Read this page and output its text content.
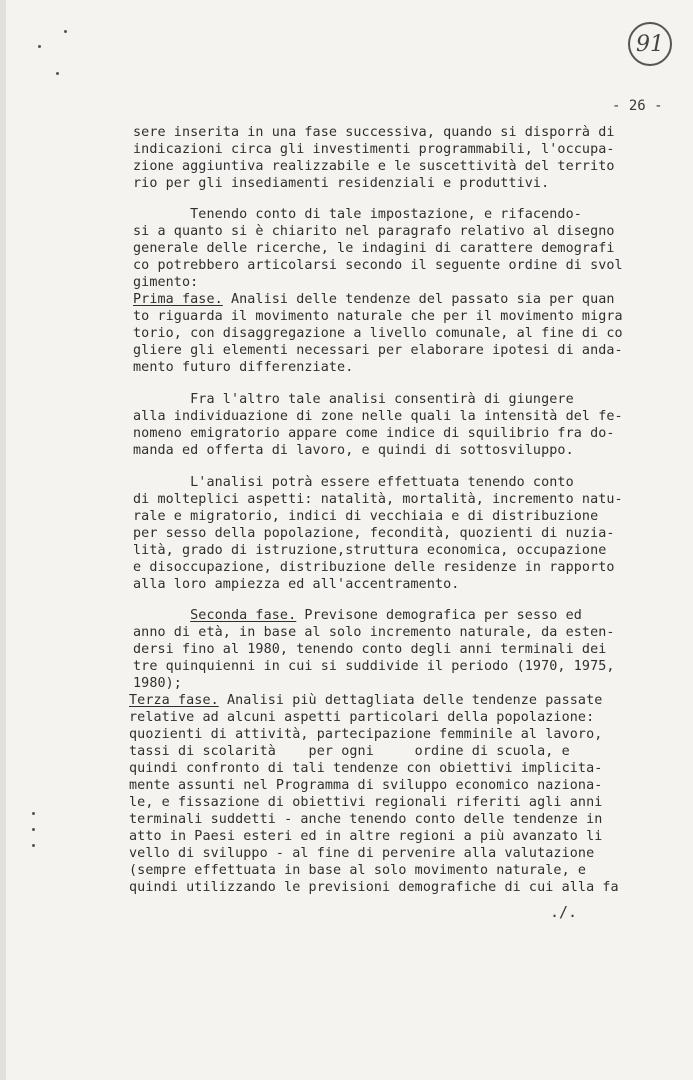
91
- 26 -
sere inserita in una fase successiva, quando si disporrà di
indicazioni circa gli investimenti programmabili, l'occupa-
zione aggiuntiva realizzabile e le suscettività del territo
rio per gli insediamenti residenziali e produttivi.
Tenendo conto di tale impostazione, e rifacendo-
si a quanto si è chiarito nel paragrafo relativo al disegno
generale delle ricerche, le indagini di carattere demografi
co potrebbero articolarsi secondo il seguente ordine di svol
gimento:
Prima fase. Analisi delle tendenze del passato sia per quan
to riguarda il movimento naturale che per il movimento migra
torio, con disaggregazione a livello comunale, al fine di co
gliere gli elementi necessari per elaborare ipotesi di anda-
mento futuro differenziate.
Fra l'altro tale analisi consentirà di giungere
alla individuazione di zone nelle quali la intensità del fe-
nomeno emigratorio appare come indice di squilibrio fra do-
manda ed offerta di lavoro, e quindi di sottosviluppo.
L'analisi potrà essere effettuata tenendo conto
di molteplici aspetti: natalità, mortalità, incremento natu-
rale e migratorio, indici di vecchiaia e di distribuzione
per sesso della popolazione, fecondità, quozienti di nuzia-
lità, grado di istruzione,struttura economica, occupazione
e disoccupazione, distribuzione delle residenze in rapporto
alla loro ampiezza ed all'accentramento.
Seconda fase. Previsone demografica per sesso ed
anno di età, in base al solo incremento naturale, da esten-
dersi fino al 1980, tenendo conto degli anni terminali dei
tre quinquienni in cui si suddivide il periodo (1970, 1975,
1980);
Terza fase. Analisi più dettagliata delle tendenze passate
relative ad alcuni aspetti particolari della popolazione:
quozienti di attività, partecipazione femminile al lavoro,
tassi di scolarità    per ogni     ordine di scuola, e
quindi confronto di tali tendenze con obiettivi implicita-
mente assunti nel Programma di sviluppo economico naziona-
le, e fissazione di obiettivi regionali riferiti agli anni
terminali suddetti - anche tenendo conto delle tendenze in
atto in Paesi esteri ed in altre regioni a più avanzato li
vello di sviluppo - al fine di pervenire alla valutazione
(sempre effettuata in base al solo movimento naturale, e
quindi utilizzando le previsioni demografiche di cui alla fa
./.
